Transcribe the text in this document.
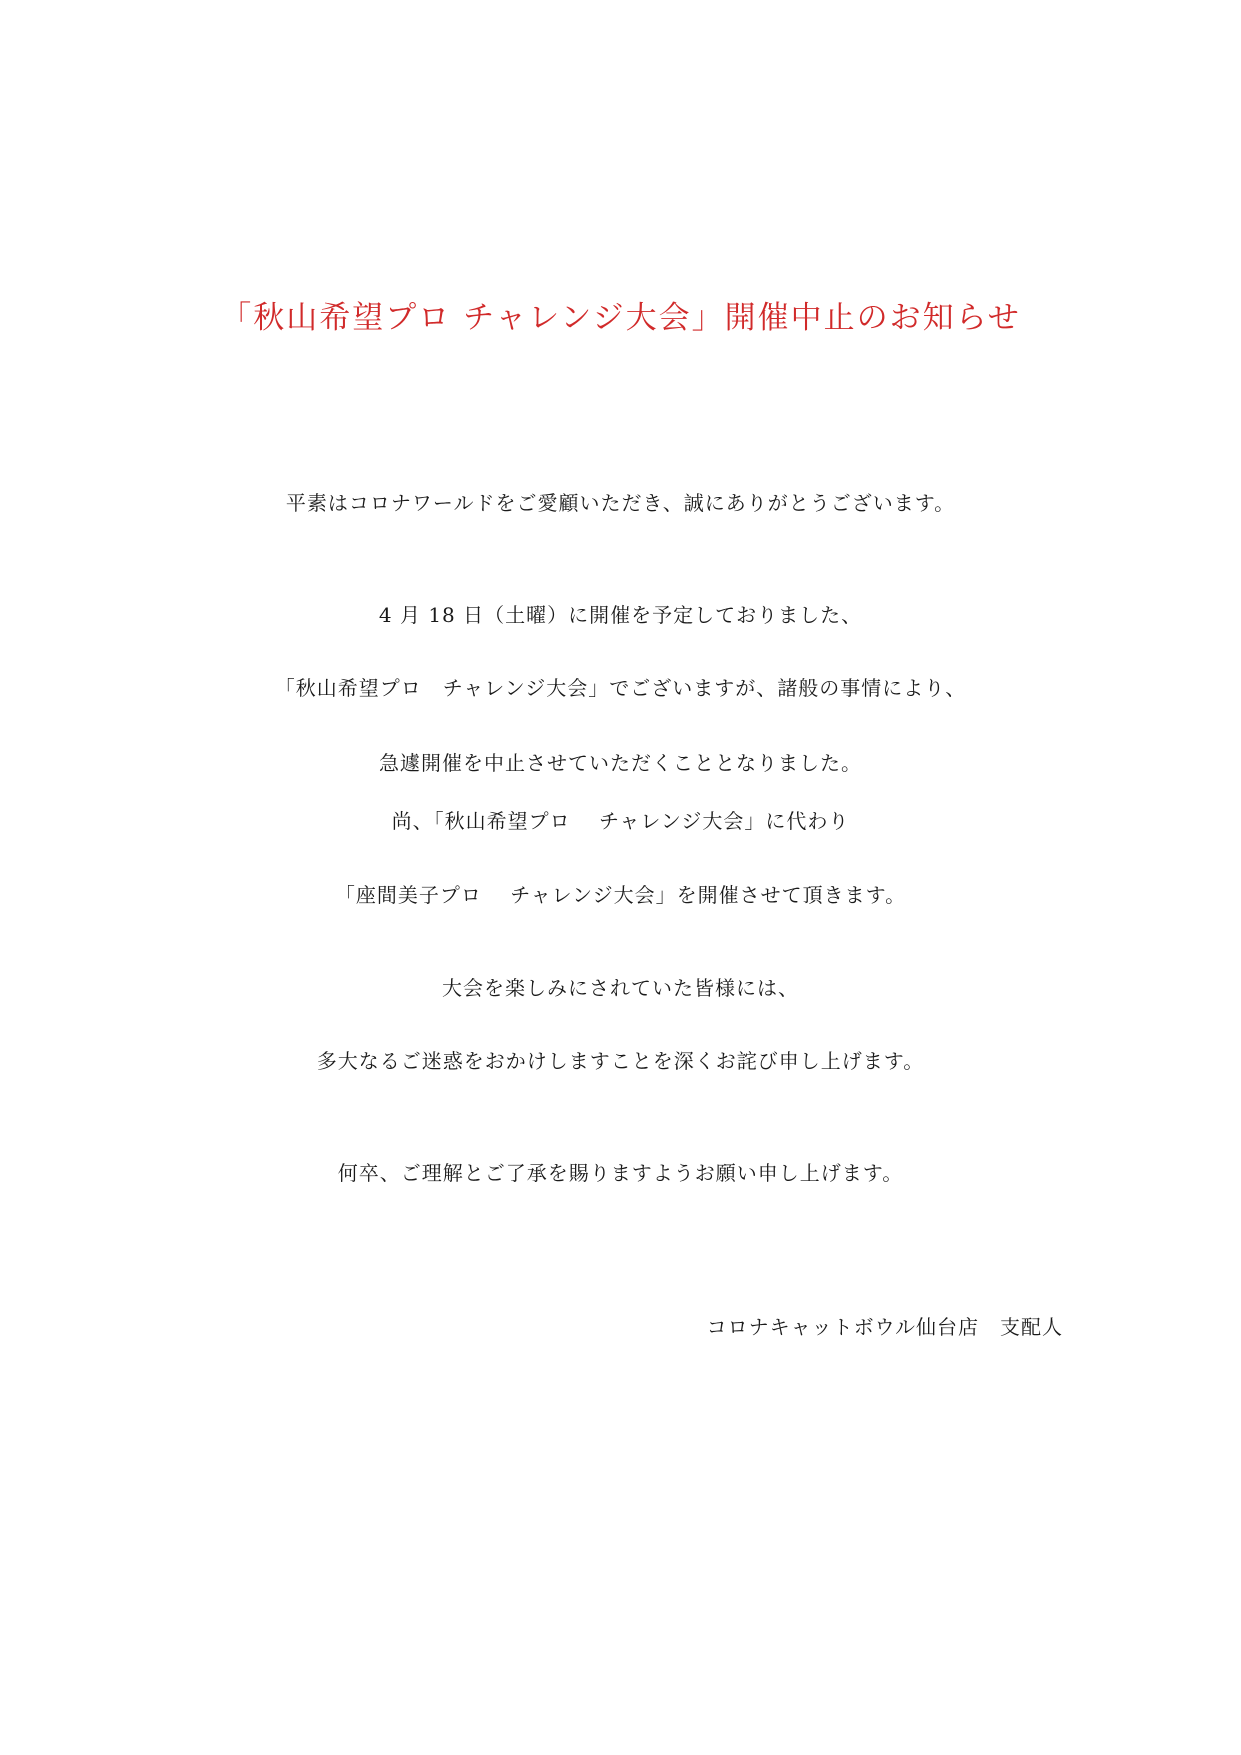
「秋山希望プロ チャレンジ大会」開催中止のお知らせ
平素はコロナワールドをご愛顧いただき、誠にありがとうございます。
4 月 18 日（土曜）に開催を予定しておりました、
「秋山希望プロ　チャレンジ大会」でございますが、諸般の事情により、
急遽開催を中止させていただくこととなりました。
尚、「秋山希望プロ　 チャレンジ大会」に代わり
「座間美子プロ　 チャレンジ大会」を開催させて頂きます。
大会を楽しみにされていた皆様には、
多大なるご迷惑をおかけしますことを深くお詫び申し上げます。
何卒、ご理解とご了承を賜りますようお願い申し上げます。
コロナキャットボウル仙台店　支配人
